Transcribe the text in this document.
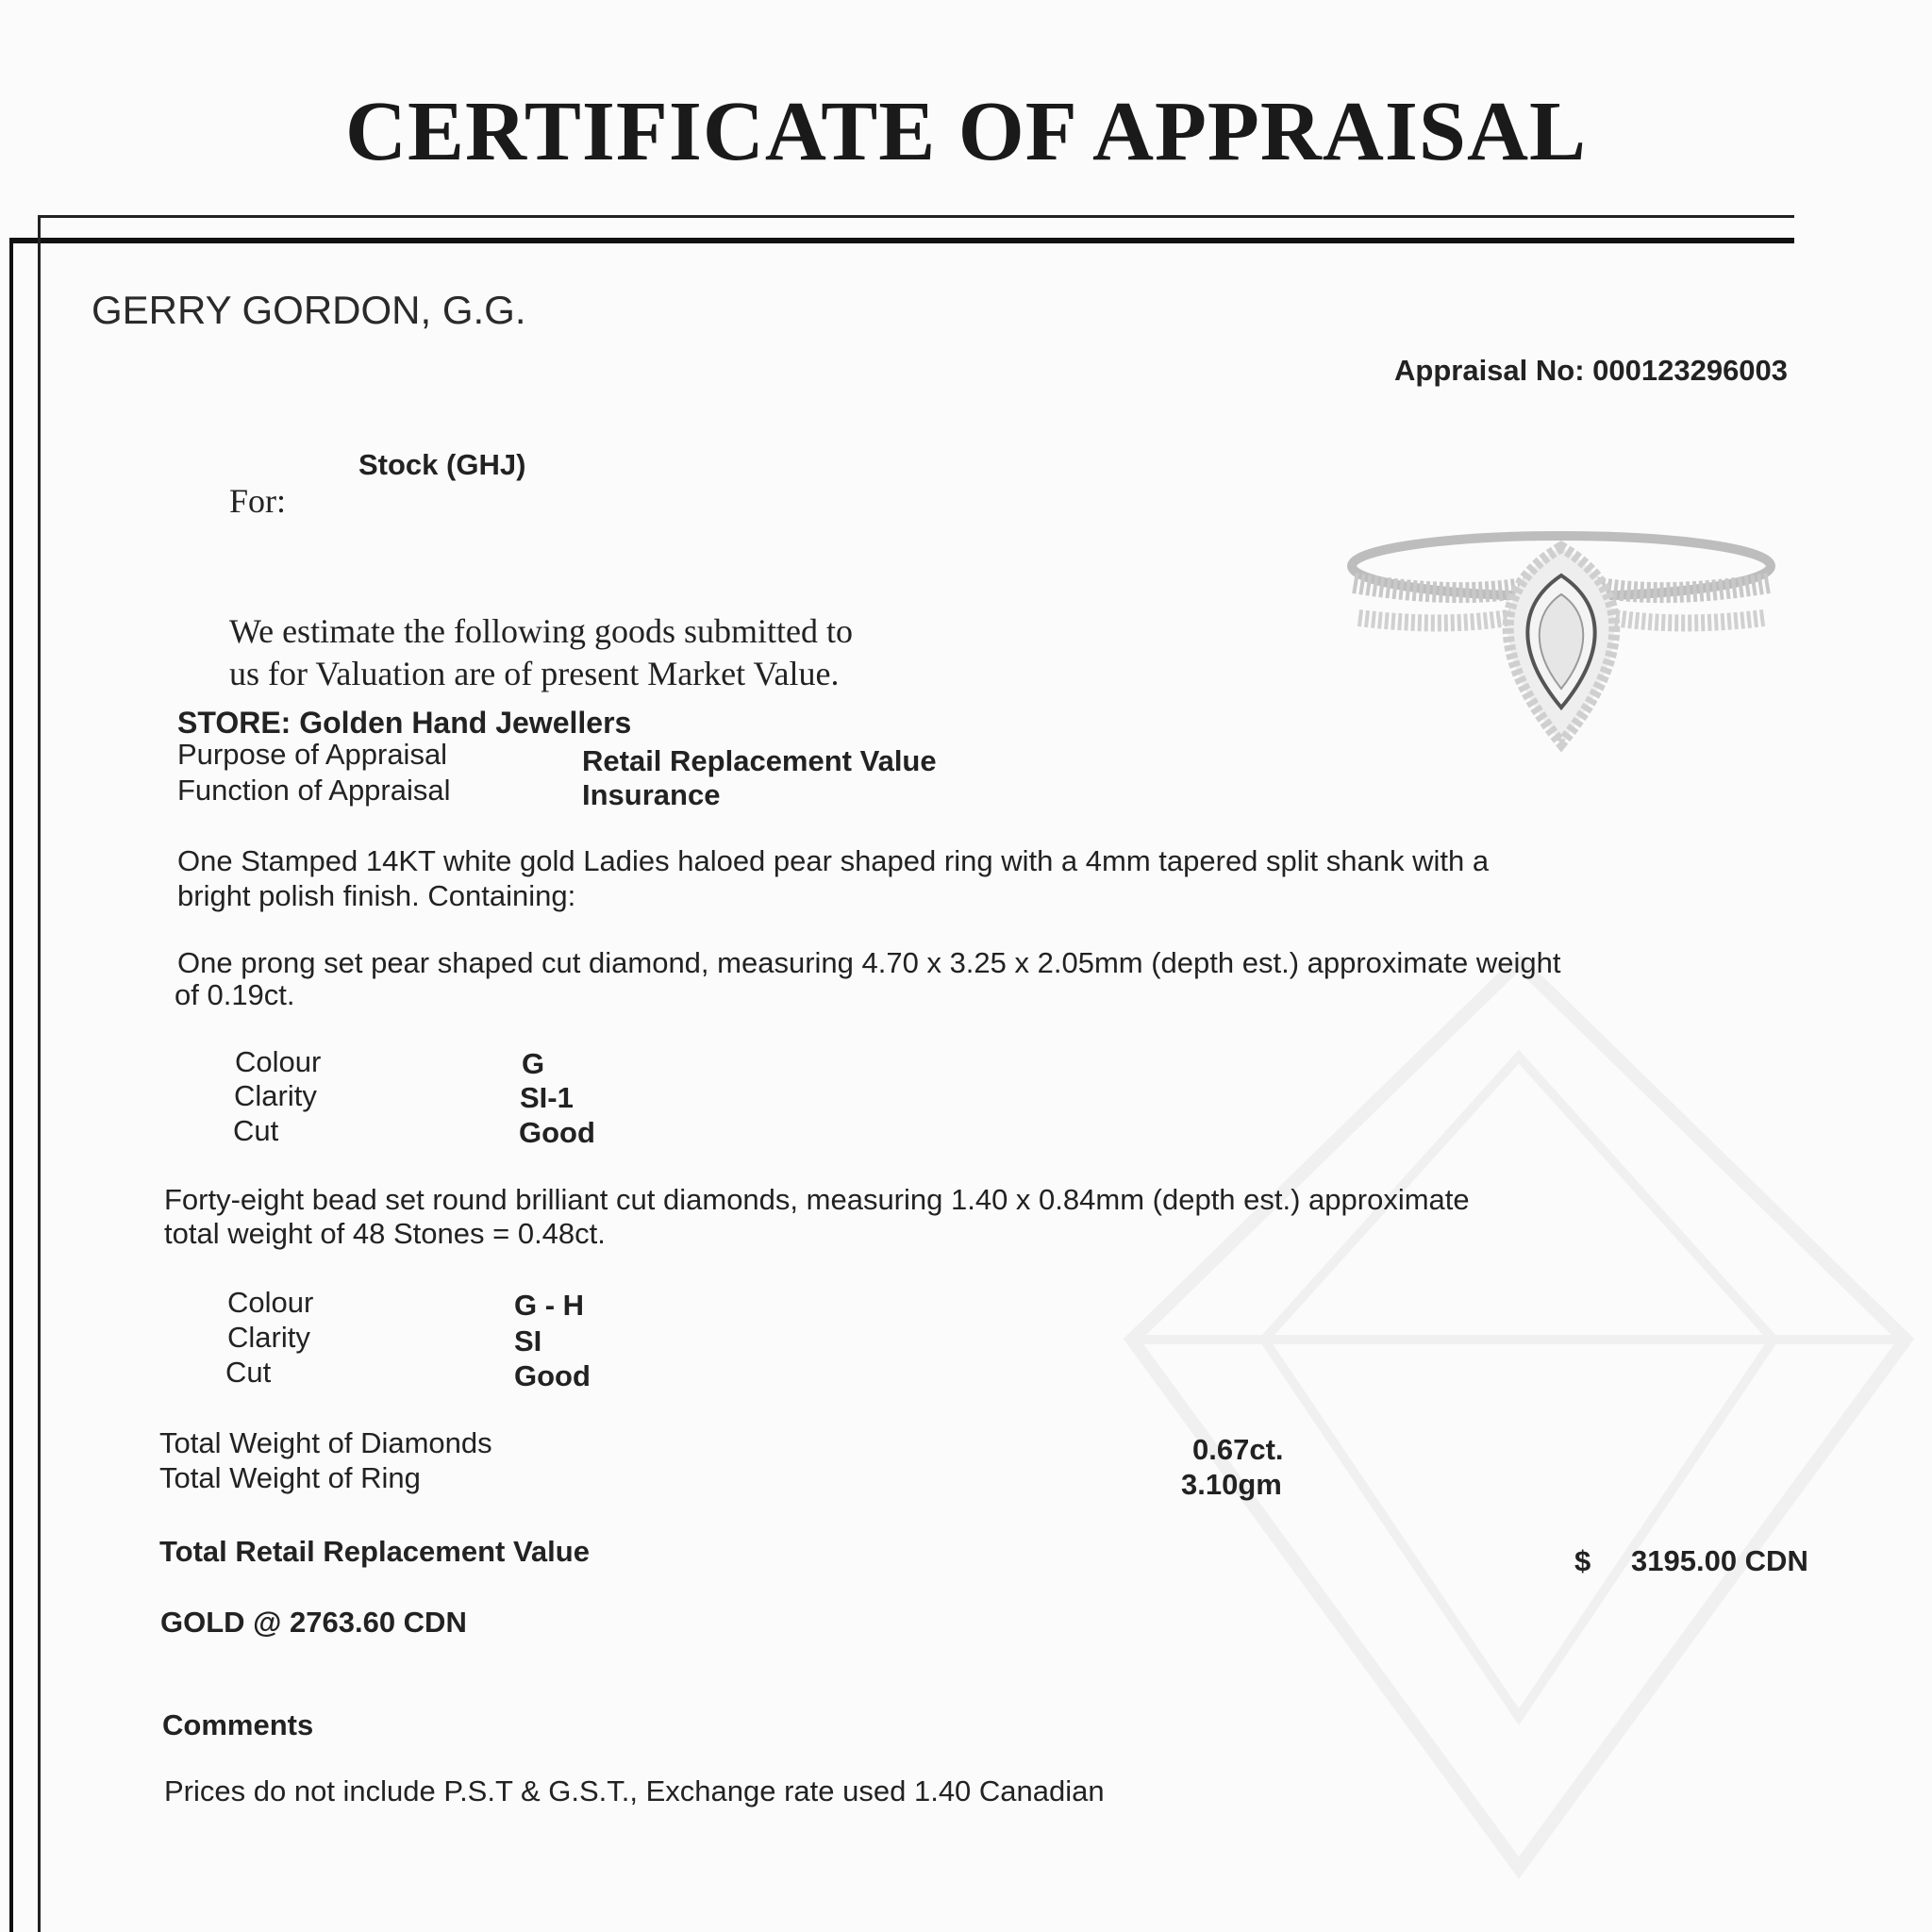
CERTIFICATE OF APPRAISAL
GERRY GORDON, G.G.
Appraisal No: 000123296003
Stock (GHJ)
For:
We estimate the following goods submitted to
us for Valuation are of present Market Value.
STORE: Golden Hand Jewellers
Purpose of Appraisal	Retail Replacement Value
Function of Appraisal	Insurance
One Stamped 14KT white gold Ladies haloed pear shaped ring with a 4mm tapered split shank with a
bright polish finish. Containing:
One prong set pear shaped cut diamond, measuring 4.70 x 3.25 x 2.05mm (depth est.) approximate weight
of 0.19ct.
Colour	G
Clarity	SI-1
Cut	Good
Forty-eight bead set round brilliant cut diamonds, measuring 1.40 x 0.84mm (depth est.) approximate
total weight of 48 Stones = 0.48ct.
Colour	G - H
Clarity	SI
Cut	Good
Total Weight of Diamonds	0.67ct.
Total Weight of Ring	3.10gm
Total Retail Replacement Value	$ 3195.00 CDN
GOLD @ 2763.60 CDN
Comments
Prices do not include P.S.T & G.S.T., Exchange rate used 1.40 Canadian
